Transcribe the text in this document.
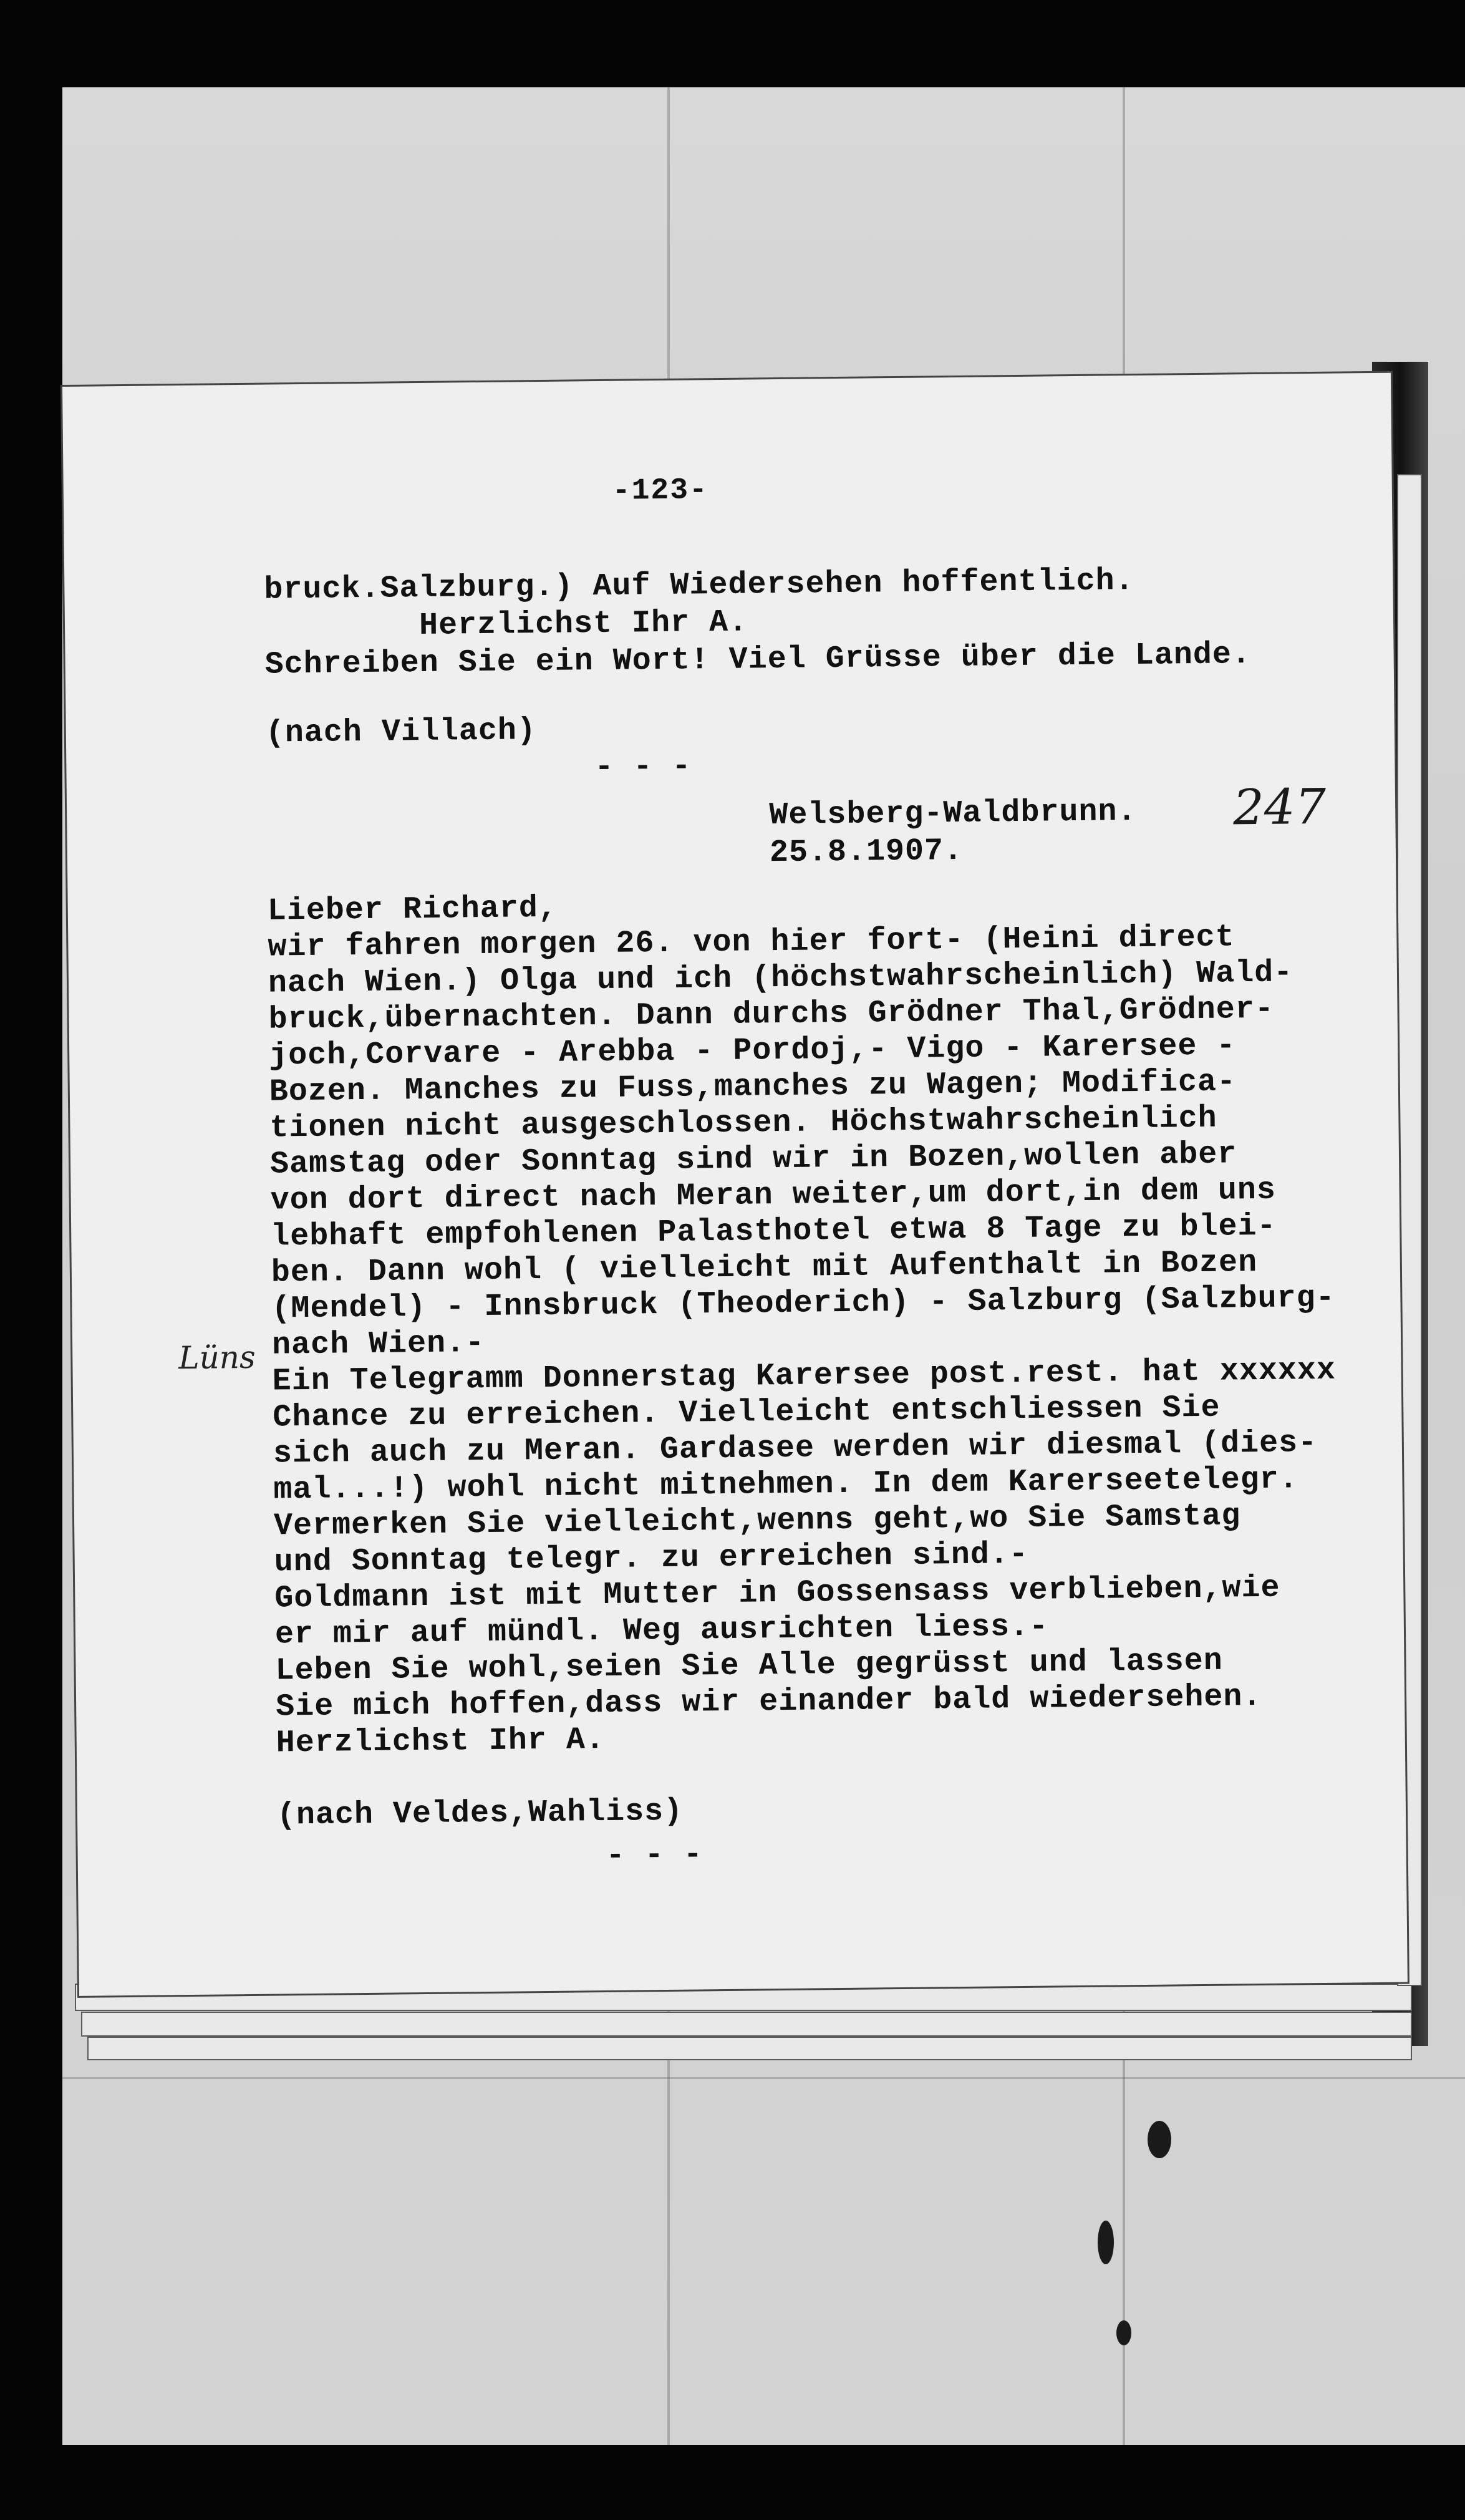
-123-
247
Lüns
bruck.Salzburg.) Auf Wiedersehen hoffentlich.
Herzlichst Ihr A.
Schreiben Sie ein Wort! Viel Grüsse über die Lande.
(nach Villach)
- - -
Welsberg-Waldbrunn.
25.8.1907.
Lieber Richard,
wir fahren morgen 26. von hier fort- (Heini direct
nach Wien.) Olga und ich (höchstwahrscheinlich) Wald-
bruck,übernachten. Dann durchs Grödner Thal,Grödner-
joch,Corvare - Arebba - Pordoj,- Vigo - Karersee -
Bozen. Manches zu Fuss,manches zu Wagen; Modifica-
tionen nicht ausgeschlossen. Höchstwahrscheinlich
Samstag oder Sonntag sind wir in Bozen,wollen aber
von dort direct nach Meran weiter,um dort,in dem uns
lebhaft empfohlenen Palasthotel etwa 8 Tage zu blei-
ben. Dann wohl ( vielleicht mit Aufenthalt in Bozen
(Mendel) - Innsbruck (Theoderich) - Salzburg (Salzburg-
nach Wien.-
Ein Telegramm Donnerstag Karersee post.rest. hat xxxxxx
Chance zu erreichen. Vielleicht entschliessen Sie
sich auch zu Meran. Gardasee werden wir diesmal (dies-
mal...!) wohl nicht mitnehmen. In dem Karerseetelegr.
Vermerken Sie vielleicht,wenns geht,wo Sie Samstag
und Sonntag telegr. zu erreichen sind.-
Goldmann ist mit Mutter in Gossensass verblieben,wie
er mir auf mündl. Weg ausrichten liess.-
Leben Sie wohl,seien Sie Alle gegrüsst und lassen
Sie mich hoffen,dass wir einander bald wiedersehen.
Herzlichst Ihr A.
(nach Veldes,Wahliss)
- - -
